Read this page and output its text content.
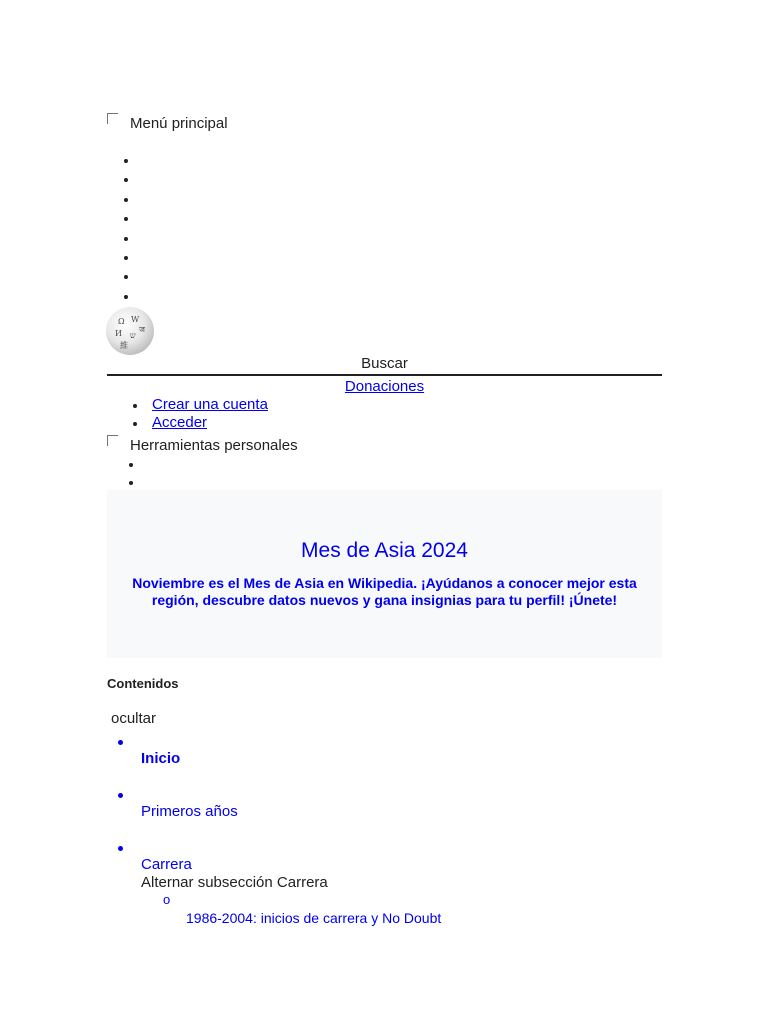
Menú principal
Ω W
И ש
維
ज
Buscar
Donaciones
Crear una cuenta
Acceder
Herramientas personales
Mes de Asia 2024
Noviembre es el Mes de Asia en Wikipedia. ¡Ayúdanos a conocer mejor esta región, descubre datos nuevos y gana insignias para tu perfil! ¡Únete!
Contenidos
ocultar
Inicio
Primeros años
Carrera
Alternar subsección Carrera
o
1986-2004: inicios de carrera y No Doubt
